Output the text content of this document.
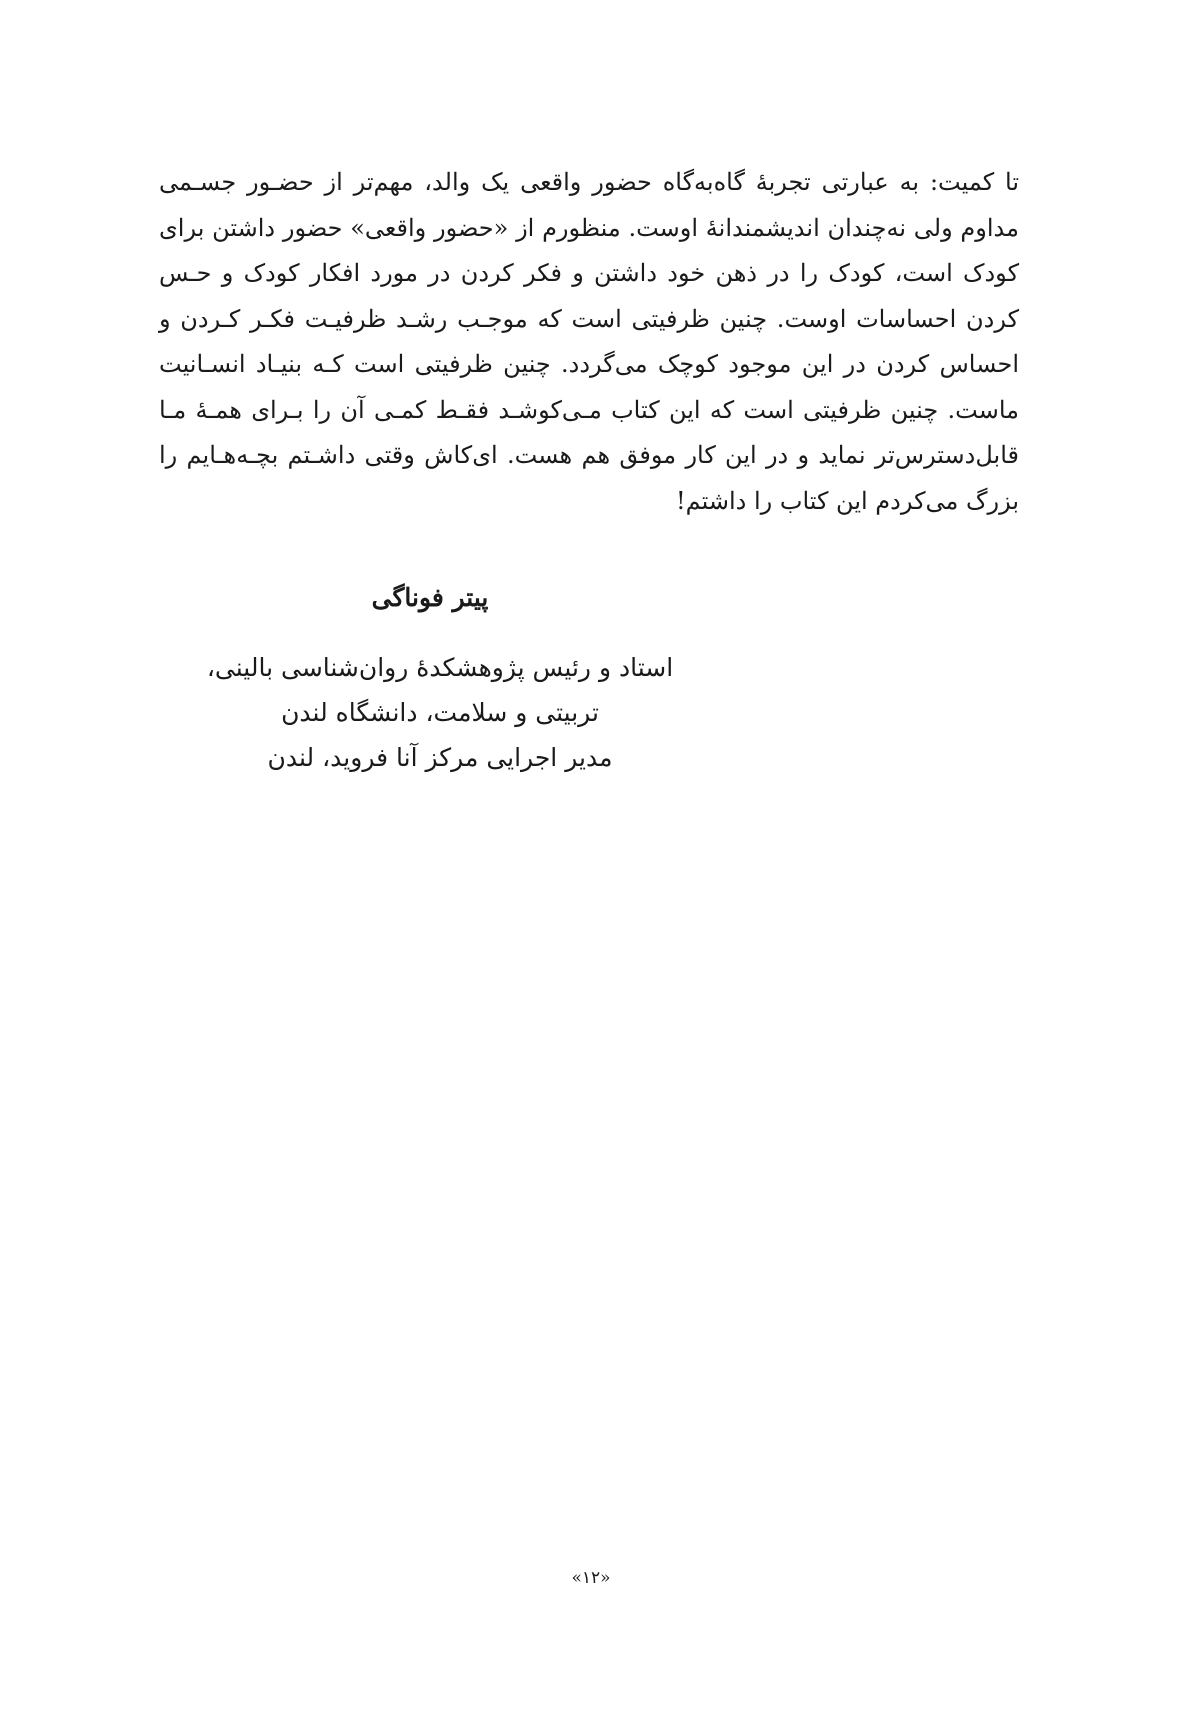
تا کمیت: به عبارتی تجربهٔ گاه‌به‌گاه حضور واقعی یک والد، مهم‌تر از حضـور جسـمی
مداوم ولی نه‌چندان اندیشمندانهٔ اوست. منظورم از «حضور واقعی» حضور داشتن برای
کودک است، کودک را در ذهن خود داشتن و فکر کردن در مورد افکار کودک و حـس
کردن احساسات اوست. چنین ظرفیتی است که موجـب رشـد ظرفیـت فکـر کـردن و
احساس کردن در این موجود کوچک می‌گردد. چنین ظرفیتی است کـه بنیـاد انسـانیت
ماست. چنین ظرفیتی است که این کتاب مـی‌کوشـد فقـط کمـی آن را بـرای همـهٔ مـا
قابل‌دسترس‌تر نماید و در این کار موفق هم هست. ای‌کاش وقتی داشـتم بچـه‌هـایم را
بزرگ می‌کردم این کتاب را داشتم!
پیتر فوناگی
استاد و رئیس پژوهشکدهٔ روان‌شناسی بالینی،
تربیتی و سلامت، دانشگاه لندن
مدیر اجرایی مرکز آنا فروید، لندن
«۱۲»
